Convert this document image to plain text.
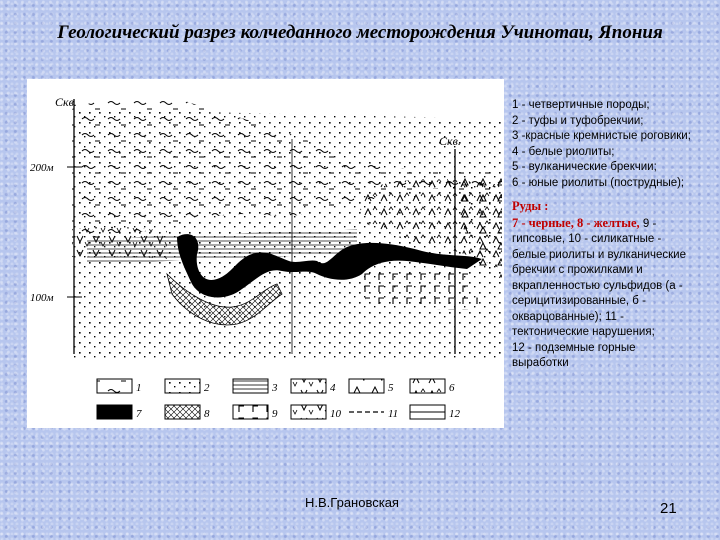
Геологический разрез колчеданного месторождения Учинотаи, Япония
Скв.
Скв.
200м
100м
1	2	3	4	5	6
7	8	9	10	11	12

1 - четвертичные породы;

2 - туфы и туфобрекчии;

3 -красные кремнистые роговики;

4 - белые риолиты;

5 - вулканические брекчии;

6 - юные риолиты (пострудные);

Руды :
7 - черные, 8 - желтые, 9 - гипсовые, 10 - силикатные - белые риолиты и вулканические брекчии с прожилками и вкрапленностью сульфидов (а - серицитизированные, б - окварцованные); 11 - тектонические нарушения;

12 - подземные горные выработки

Н.В.Грановская	21
